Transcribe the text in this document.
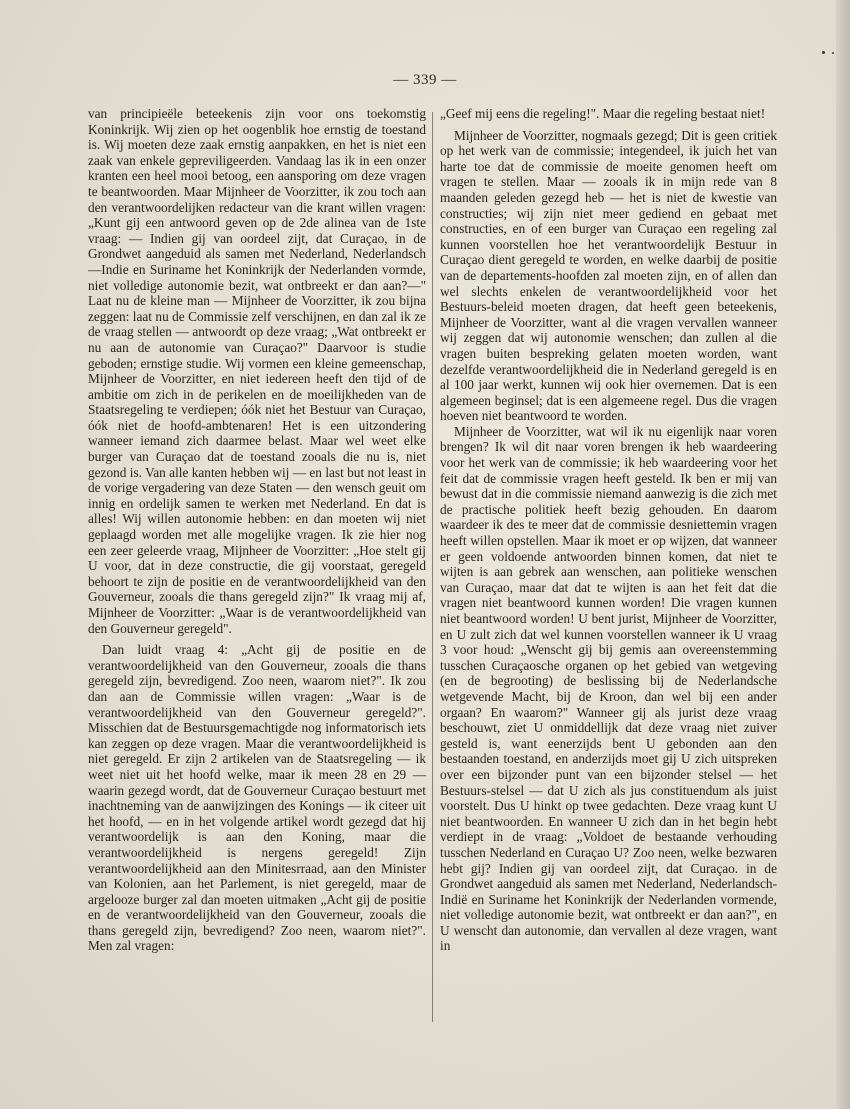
— 339 —

van principieële beteekenis zijn voor ons toekomstig Koninkrijk. Wij zien op het oogenblik hoe ernstig de toestand is. Wij moeten deze zaak ernstig aanpakken, en het is niet een zaak van enkele gepreviligeerden. Vandaag las ik in een onzer kranten een heel mooi betoog, een aansporing om deze vragen te beantwoorden. Maar Mijnheer de Voorzitter, ik zou toch aan den verantwoordelijken redacteur van die krant willen vragen: „Kunt gij een antwoord geven op de 2de alinea van de 1ste vraag: — Indien gij van oordeel zijt, dat Curaçao, in de Grondwet aangeduid als samen met Nederland, Nederlandsch—Indie en Suriname het Koninkrijk der Nederlanden vormde, niet volledige autonomie bezit, wat ontbreekt er dan aan?—" Laat nu de kleine man — Mijnheer de Voorzitter, ik zou bijna zeggen: laat nu de Commissie zelf verschijnen, en dan zal ik ze de vraag stellen — antwoordt op deze vraag; „Wat ontbreekt er nu aan de autonomie van Curaçao?" Daarvoor is studie geboden; ernstige studie. Wij vormen een kleine gemeenschap, Mijnheer de Voorzitter, en niet iedereen heeft den tijd of de ambitie om zich in de perikelen en de moeilijkheden van de Staatsregeling te verdiepen; óók niet het Bestuur van Curaçao, óók niet de hoofd-ambtenaren! Het is een uitzondering wanneer iemand zich daarmee belast. Maar wel weet elke burger van Curaçao dat de toestand zooals die nu is, niet gezond is. Van alle kanten hebben wij — en last but not least in de vorige vergadering van deze Staten — den wensch geuit om innig en ordelijk samen te werken met Nederland. En dat is alles! Wij willen autonomie hebben: en dan moeten wij niet geplaagd worden met alle mogelijke vragen. Ik zie hier nog een zeer geleerde vraag, Mijnheer de Voorzitter: „Hoe stelt gij U voor, dat in deze constructie, die gij voorstaat, geregeld behoort te zijn de positie en de verantwoordelijkheid van den Gouverneur, zooals die thans geregeld zijn?" Ik vraag mij af, Mijnheer de Voorzitter: „Waar is de verantwoordelijkheid van den Gouverneur geregeld".

Dan luidt vraag 4: „Acht gij de positie en de verantwoordelijkheid van den Gouverneur, zooals die thans geregeld zijn, bevredigend. Zoo neen, waarom niet?". Ik zou dan aan de Commissie willen vragen: „Waar is de verantwoordelijkheid van den Gouverneur geregeld?". Misschien dat de Bestuursgemachtigde nog informatorisch iets kan zeggen op deze vragen. Maar die verantwoordelijkheid is niet geregeld. Er zijn 2 artikelen van de Staatsregeling — ik weet niet uit het hoofd welke, maar ik meen 28 en 29 — waarin gezegd wordt, dat de Gouverneur Curaçao bestuurt met inachtneming van de aanwijzingen des Konings — ik citeer uit het hoofd, — en in het volgende artikel wordt gezegd dat hij verantwoordelijk is aan den Koning, maar die verantwoordelijkheid is nergens geregeld! Zijn verantwoordelijkheid aan den Minitesrraad, aan den Minister van Kolonien, aan het Parlement, is niet geregeld, maar de argelooze burger zal dan moeten uitmaken „Acht gij de positie en de verantwoordelijkheid van den Gouverneur, zooals die thans geregeld zijn, bevredigend? Zoo neen, waarom niet?". Men zal vragen:

„Geef mij eens die regeling!". Maar die regeling bestaat niet!

Mijnheer de Voorzitter, nogmaals gezegd; Dit is geen critiek op het werk van de commissie; integendeel, ik juich het van harte toe dat de commissie de moeite genomen heeft om vragen te stellen. Maar — zooals ik in mijn rede van 8 maanden geleden gezegd heb — het is niet de kwestie van constructies; wij zijn niet meer gediend en gebaat met constructies, en of een burger van Curaçao een regeling zal kunnen voorstellen hoe het verantwoordelijk Bestuur in Curaçao dient geregeld te worden, en welke daarbij de positie van de departements-hoofden zal moeten zijn, en of allen dan wel slechts enkelen de verantwoordelijkheid voor het Bestuurs-beleid moeten dragen, dat heeft geen beteekenis, Mijnheer de Voorzitter, want al die vragen vervallen wanneer wij zeggen dat wij autonomie wenschen; dan zullen al die vragen buiten bespreking gelaten moeten worden, want dezelfde verantwoordelijkheid die in Nederland geregeld is en al 100 jaar werkt, kunnen wij ook hier overnemen. Dat is een algemeen beginsel; dat is een algemeene regel. Dus die vragen hoeven niet beantwoord te worden.

Mijnheer de Voorzitter, wat wil ik nu eigenlijk naar voren brengen? Ik wil dit naar voren brengen ik heb waardeering voor het werk van de commissie; ik heb waardeering voor het feit dat de commissie vragen heeft gesteld. Ik ben er mij van bewust dat in die commissie niemand aanwezig is die zich met de practische politiek heeft bezig gehouden. En daarom waardeer ik des te meer dat de commissie desniettemin vragen heeft willen opstellen. Maar ik moet er op wijzen, dat wanneer er geen voldoende antwoorden binnen komen, dat niet te wijten is aan gebrek aan wenschen, aan politieke wenschen van Curaçao, maar dat dat te wijten is aan het feit dat die vragen niet beantwoord kunnen worden! Die vragen kunnen niet beantwoord worden! U bent jurist, Mijnheer de Voorzitter, en U zult zich dat wel kunnen voorstellen wanneer ik U vraag 3 voor houd: „Wenscht gij bij gemis aan overeenstemming tusschen Curaçaosche organen op het gebied van wetgeving (en de begrooting) de beslissing bij de Nederlandsche wetgevende Macht, bij de Kroon, dan wel bij een ander orgaan? En waarom?" Wanneer gij als jurist deze vraag beschouwt, ziet U onmiddellijk dat deze vraag niet zuiver gesteld is, want eenerzijds bent U gebonden aan den bestaanden toestand, en anderzijds moet gij U zich uitspreken over een bijzonder punt van een bijzonder stelsel — het Bestuurs-stelsel — dat U zich als jus constituendum als juist voorstelt. Dus U hinkt op twee gedachten. Deze vraag kunt U niet beantwoorden. En wanneer U zich dan in het begin hebt verdiept in de vraag: „Voldoet de bestaande verhouding tusschen Nederland en Curaçao U? Zoo neen, welke bezwaren hebt gij? Indien gij van oordeel zijt, dat Curaçao. in de Grondwet aangeduid als samen met Nederland, Nederlandsch-Indië en Suriname het Koninkrijk der Nederlanden vormende, niet volledige autonomie bezit, wat ontbreekt er dan aan?", en U wenscht dan autonomie, dan vervallen al deze vragen, want in
